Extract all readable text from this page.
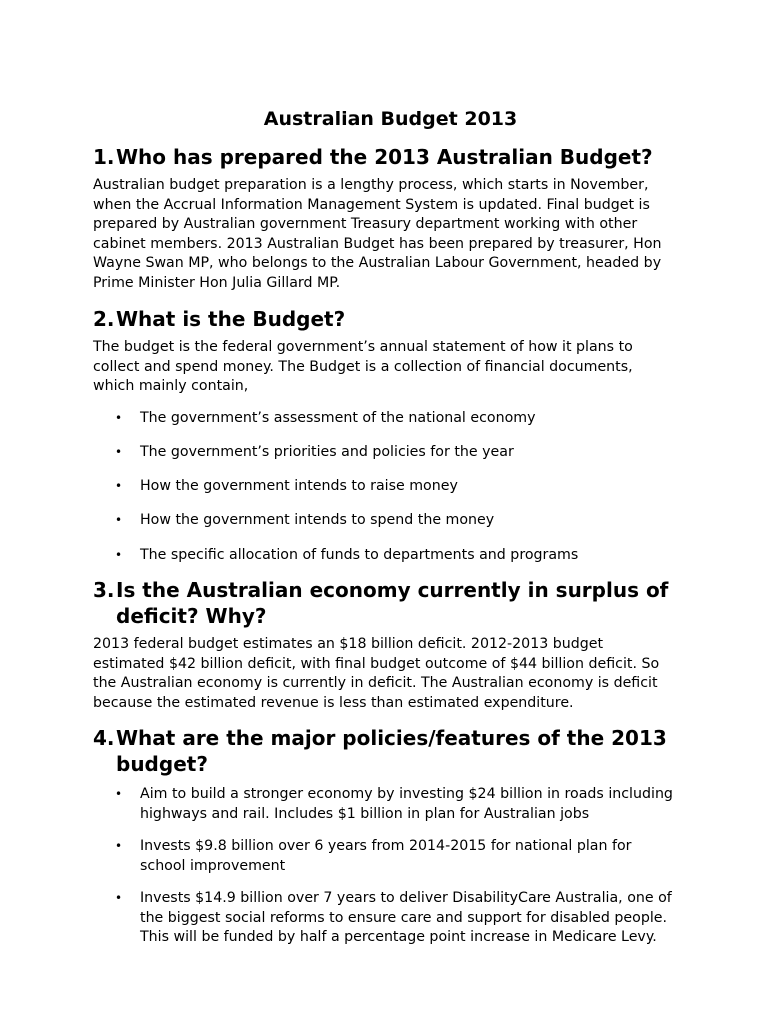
Australian Budget 2013
1. Who has prepared the 2013 Australian Budget?

Australian budget preparation is a lengthy process, which starts in November, when the Accrual Information Management System is updated. Final budget is prepared by Australian government Treasury department working with other cabinet members. 2013 Australian Budget has been prepared by treasurer, Hon Wayne Swan MP, who belongs to the Australian Labour Government, headed by Prime Minister Hon Julia Gillard MP.

2. What is the Budget?

The budget is the federal government’s annual statement of how it plans to collect and spend money. The Budget is a collection of financial documents, which mainly contain,

•	The government’s assessment of the national economy
•	The government’s priorities and policies for the year
•	How the government intends to raise money
•	How the government intends to spend the money
•	The specific allocation of funds to departments and programs
3. Is the Australian economy currently in surplus of deficit? Why?

2013 federal budget estimates an $18 billion deficit. 2012-2013 budget estimated $42 billion deficit, with final budget outcome of $44 billion deficit. So the Australian economy is currently in deficit. The Australian economy is deficit because the estimated revenue is less than estimated expenditure.

4. What are the major policies/features of the 2013 budget?
•	Aim to build a stronger economy by investing $24 billion in roads including highways and rail. Includes $1 billion in plan for Australian jobs
•	Invests $9.8 billion over 6 years from 2014-2015 for national plan for school improvement
•	Invests $14.9 billion over 7 years to deliver DisabilityCare Australia, one of the biggest social reforms to ensure care and support for disabled people. This will be funded by half a percentage point increase in Medicare Levy.
